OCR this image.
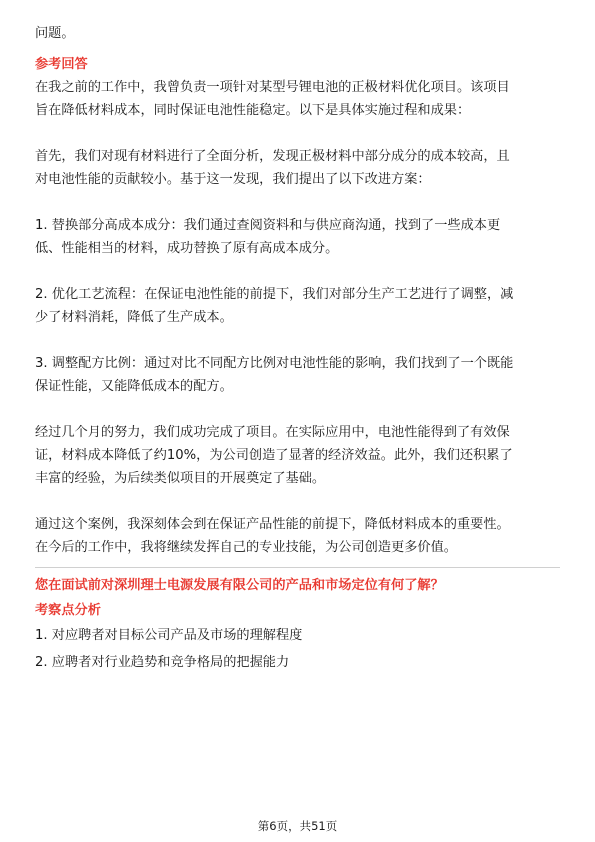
问题。

参考回答

在我之前的工作中，我曾负责一项针对某型号锂电池的正极材料优化项目。该项目

旨在降低材料成本，同时保证电池性能稳定。以下是具体实施过程和成果：

首先，我们对现有材料进行了全面分析，发现正极材料中部分成分的成本较高，且

对电池性能的贡献较小。基于这一发现，我们提出了以下改进方案：

1. 替换部分高成本成分：我们通过查阅资料和与供应商沟通，找到了一些成本更

低、性能相当的材料，成功替换了原有高成本成分。

2. 优化工艺流程：在保证电池性能的前提下，我们对部分生产工艺进行了调整，减

少了材料消耗，降低了生产成本。

3. 调整配方比例：通过对比不同配方比例对电池性能的影响，我们找到了一个既能

保证性能，又能降低成本的配方。

经过几个月的努力，我们成功完成了项目。在实际应用中，电池性能得到了有效保

证，材料成本降低了约10%，为公司创造了显著的经济效益。此外，我们还积累了

丰富的经验，为后续类似项目的开展奠定了基础。

通过这个案例，我深刻体会到在保证产品性能的前提下，降低材料成本的重要性。

在今后的工作中，我将继续发挥自己的专业技能，为公司创造更多价值。

您在面试前对深圳理士电源发展有限公司的产品和市场定位有何了解？

考察点分析

1. 对应聘者对目标公司产品及市场的理解程度

2. 应聘者对行业趋势和竞争格局的把握能力

第6页，共51页
